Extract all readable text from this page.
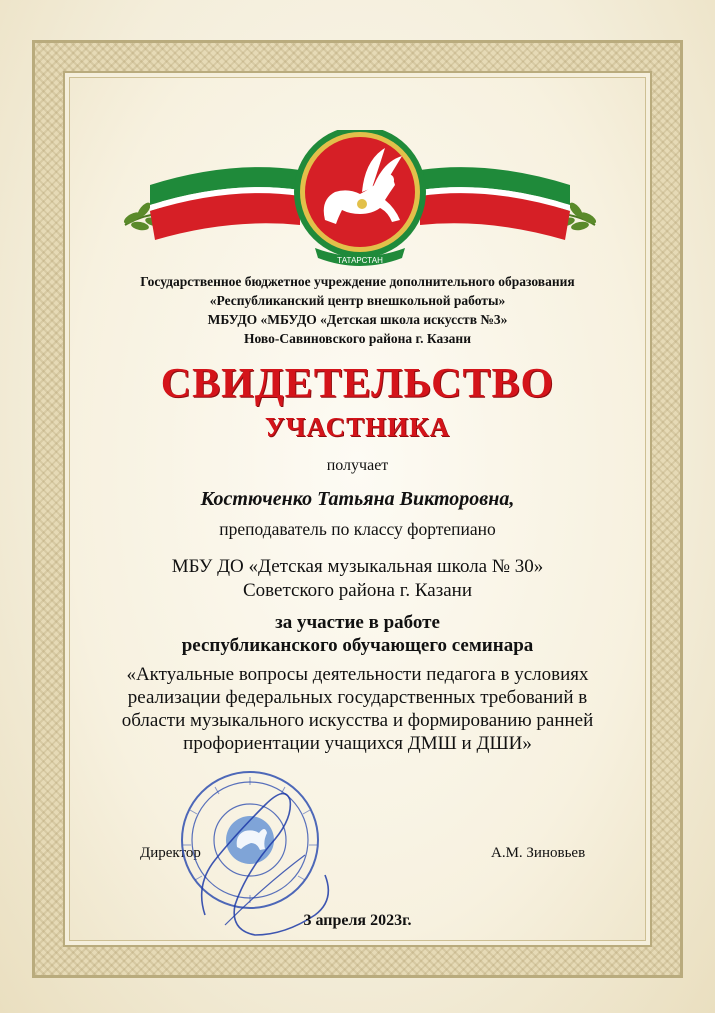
ТАТАРСТАН
Государственное бюджетное учреждение дополнительного образования
«Республиканский центр внешкольной работы»
МБУДО «МБУДО «Детская школа искусств №3»
Ново-Савиновского района г. Казани
СВИДЕТЕЛЬСТВО
УЧАСТНИКА
получает
Костюченко Татьяна Викторовна,
преподаватель по классу фортепиано
МБУ ДО «Детская музыкальная школа № 30»
Советского района г. Казани
за участие в работе
республиканского обучающего семинара
«Актуальные вопросы деятельности педагога в условиях
реализации федеральных государственных требований в
области музыкального искусства и формированию ранней
профориентации учащихся ДМШ и ДШИ»
Директор	А.М. Зиновьев
3 апреля 2023г.
